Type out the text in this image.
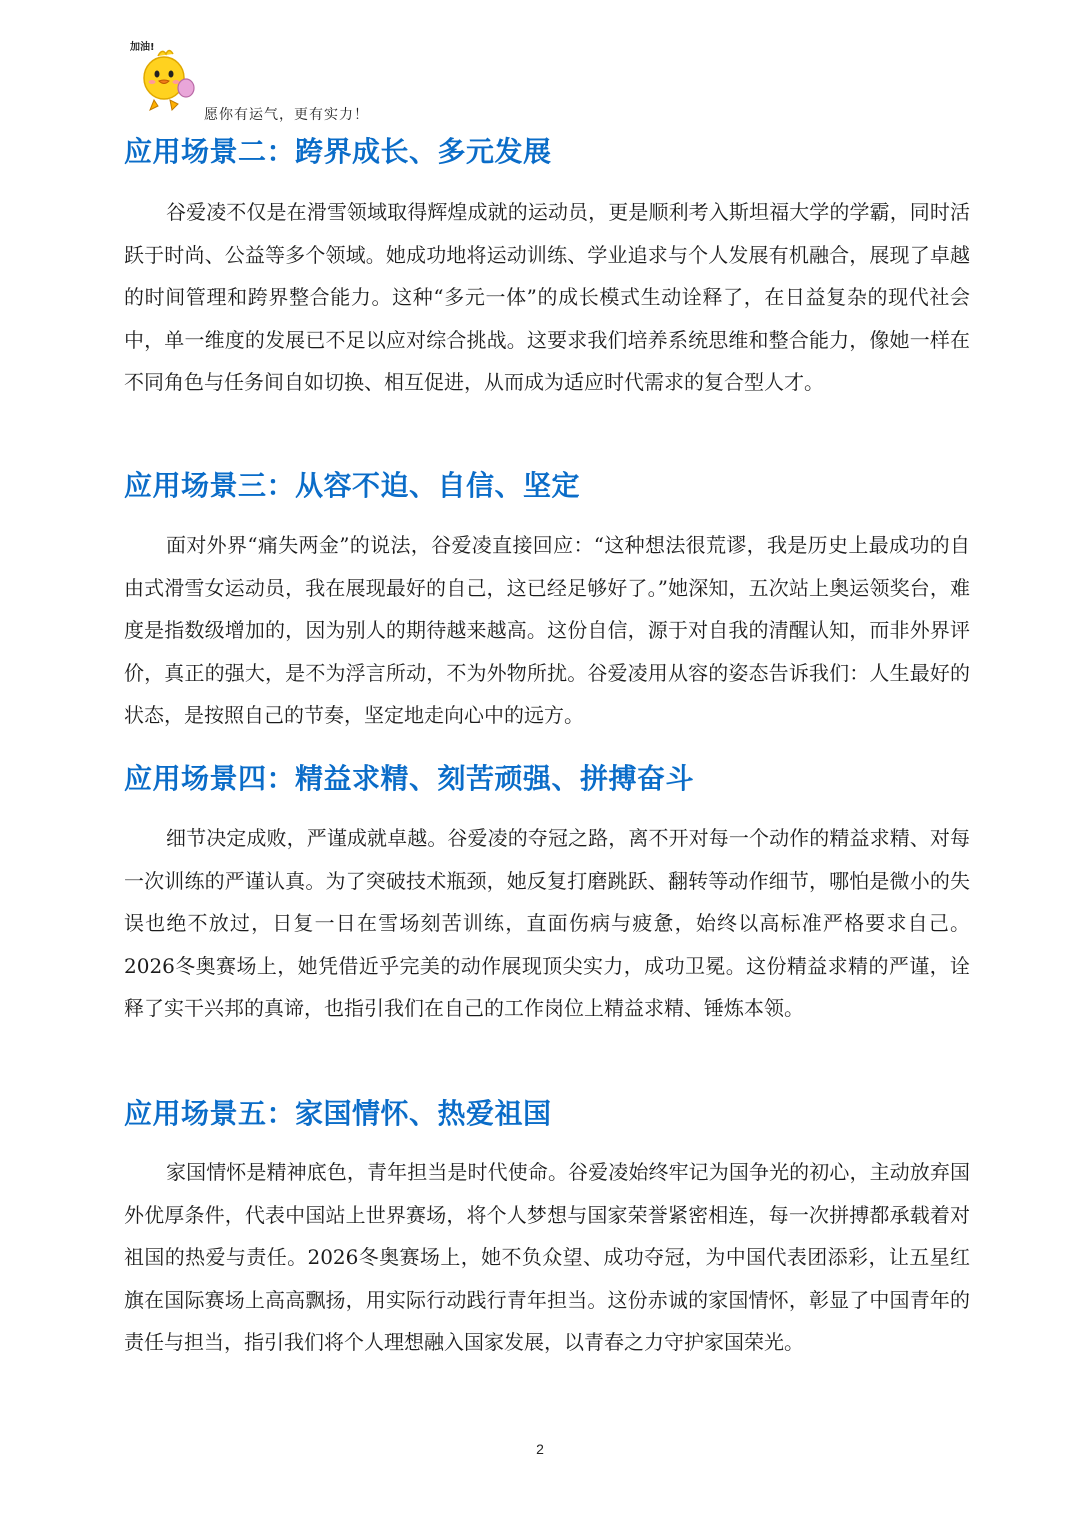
加油!
愿你有运气，更有实力！
应用场景二：跨界成长、多元发展

谷爱凌不仅是在滑雪领域取得辉煌成就的运动员，更是顺利考入斯坦福大学的学霸，同时活跃于时尚、公益等多个领域。她成功地将运动训练、学业追求与个人发展有机融合，展现了卓越的时间管理和跨界整合能力。这种“多元一体”的成长模式生动诠释了，在日益复杂的现代社会中，单一维度的发展已不足以应对综合挑战。这要求我们培养系统思维和整合能力，像她一样在不同角色与任务间自如切换、相互促进，从而成为适应时代需求的复合型人才。

应用场景三：从容不迫、自信、坚定

面对外界“痛失两金”的说法，谷爱凌直接回应：“这种想法很荒谬，我是历史上最成功的自由式滑雪女运动员，我在展现最好的自己，这已经足够好了。”她深知，五次站上奥运领奖台，难度是指数级增加的，因为别人的期待越来越高。这份自信，源于对自我的清醒认知，而非外界评价，真正的强大，是不为浮言所动，不为外物所扰。谷爱凌用从容的姿态告诉我们：人生最好的状态，是按照自己的节奏，坚定地走向心中的远方。

应用场景四：精益求精、刻苦顽强、拼搏奋斗

细节决定成败，严谨成就卓越。谷爱凌的夺冠之路，离不开对每一个动作的精益求精、对每一次训练的严谨认真。为了突破技术瓶颈，她反复打磨跳跃、翻转等动作细节，哪怕是微小的失误也绝不放过，日复一日在雪场刻苦训练，直面伤病与疲惫，始终以高标准严格要求自己。2026冬奥赛场上，她凭借近乎完美的动作展现顶尖实力，成功卫冕。这份精益求精的严谨，诠释了实干兴邦的真谛，也指引我们在自己的工作岗位上精益求精、锤炼本领。

应用场景五：家国情怀、热爱祖国

家国情怀是精神底色，青年担当是时代使命。谷爱凌始终牢记为国争光的初心，主动放弃国外优厚条件，代表中国站上世界赛场，将个人梦想与国家荣誉紧密相连，每一次拼搏都承载着对祖国的热爱与责任。2026冬奥赛场上，她不负众望、成功夺冠，为中国代表团添彩，让五星红旗在国际赛场上高高飘扬，用实际行动践行青年担当。这份赤诚的家国情怀，彰显了中国青年的责任与担当，指引我们将个人理想融入国家发展，以青春之力守护家国荣光。

2
